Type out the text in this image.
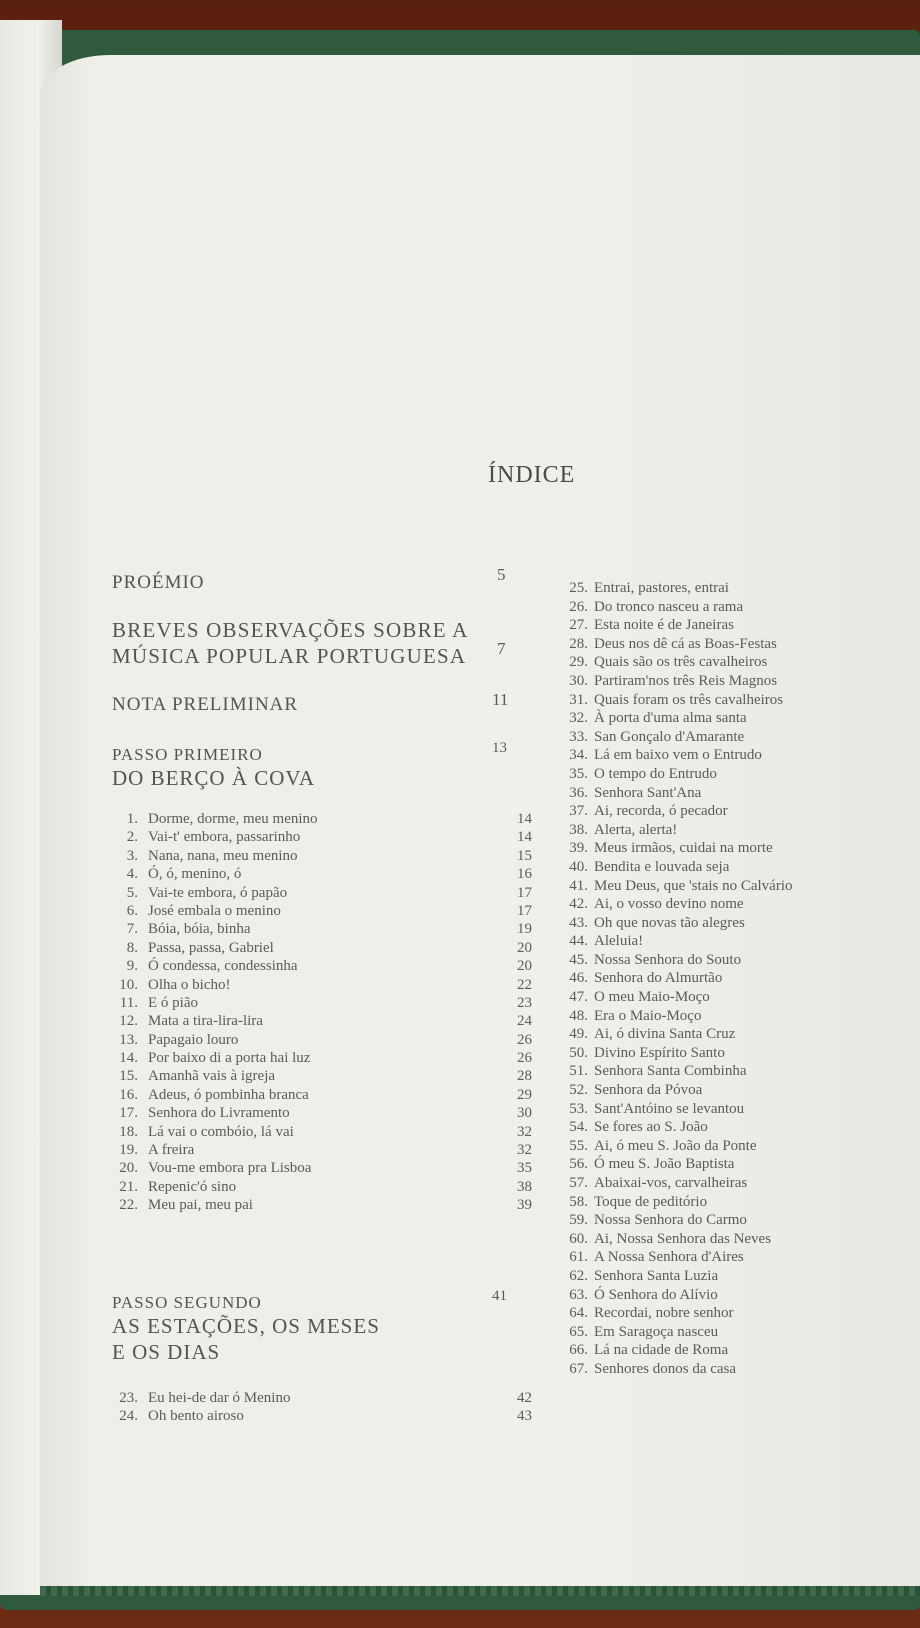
ÍNDICE
PROÉMIO	5
BREVES OBSERVAÇÕES SOBRE A
MÚSICA POPULAR PORTUGUESA 7
NOTA PRELIMINAR	11
PASSO PRIMEIRO	13
DO BERÇO À COVA
1. Dorme, dorme, meu menino	14
2. Vai-t' embora, passarinho	14
3. Nana, nana, meu menino	15
4. Ó, ó, menino, ó	16
5. Vai-te embora, ó papão	17
6. José embala o menino	17
7. Bóia, bóia, binha	19
8. Passa, passa, Gabriel	20
9. Ó condessa, condessinha	20
10. Olha o bicho!	22
11. E ó pião	23
12. Mata a tira-lira-lira	24
13. Papagaio louro	26
14. Por baixo di a porta hai luz	26
15. Amanhã vais à igreja	28
16. Adeus, ó pombinha branca	29
17. Senhora do Livramento	30
18. Lá vai o combóio, lá vai	32
19. A freira	32
20. Vou-me embora pra Lisboa	35
21. Repenic'ó sino	38
22. Meu pai, meu pai	39
PASSO SEGUNDO	41
AS ESTAÇÕES, OS MESES
E OS DIAS
23. Eu hei-de dar ó Menino	42
24. Oh bento airoso	43
25. Entrai, pastores, entrai
26. Do tronco nasceu a rama
27. Esta noite é de Janeiras
28. Deus nos dê cá as Boas-Festas
29. Quais são os três cavalheiros
30. Partiram'nos três Reis Magnos
31. Quais foram os três cavalheiros
32. À porta d'uma alma santa
33. San Gonçalo d'Amarante
34. Lá em baixo vem o Entrudo
35. O tempo do Entrudo
36. Senhora Sant'Ana
37. Ai, recorda, ó pecador
38. Alerta, alerta!
39. Meus irmãos, cuidai na morte
40. Bendita e louvada seja
41. Meu Deus, que 'stais no Calvário
42. Ai, o vosso devino nome
43. Oh que novas tão alegres
44. Aleluia!
45. Nossa Senhora do Souto
46. Senhora do Almurtão
47. O meu Maio-Moço
48. Era o Maio-Moço
49. Ai, ó divina Santa Cruz
50. Divino Espírito Santo
51. Senhora Santa Combinha
52. Senhora da Póvoa
53. Sant'Antóino se levantou
54. Se fores ao S. João
55. Ai, ó meu S. João da Ponte
56. Ó meu S. João Baptista
57. Abaixai-vos, carvalheiras
58. Toque de peditório
59. Nossa Senhora do Carmo
60. Ai, Nossa Senhora das Neves
61. A Nossa Senhora d'Aires
62. Senhora Santa Luzia
63. Ó Senhora do Alívio
64. Recordai, nobre senhor
65. Em Saragoça nasceu
66. Lá na cidade de Roma
67. Senhores donos da casa
